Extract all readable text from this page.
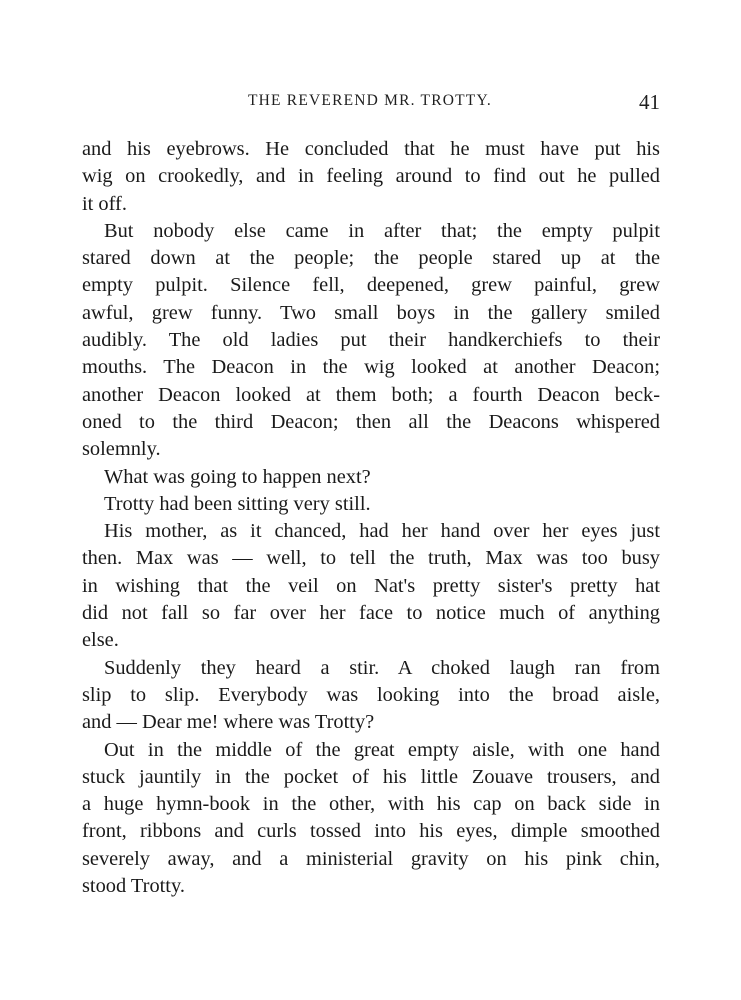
THE REVEREND MR. TROTTY.	41
and his eyebrows. He concluded that he must have put his
wig on crookedly, and in feeling around to find out he pulled
it off.
But nobody else came in after that; the empty pulpit
stared down at the people; the people stared up at the
empty pulpit. Silence fell, deepened, grew painful, grew
awful, grew funny. Two small boys in the gallery smiled
audibly. The old ladies put their handkerchiefs to their
mouths. The Deacon in the wig looked at another Deacon;
another Deacon looked at them both; a fourth Deacon beck-
oned to the third Deacon; then all the Deacons whispered
solemnly.
What was going to happen next?
Trotty had been sitting very still.
His mother, as it chanced, had her hand over her eyes just
then. Max was — well, to tell the truth, Max was too busy
in wishing that the veil on Nat's pretty sister's pretty hat
did not fall so far over her face to notice much of anything
else.
Suddenly they heard a stir. A choked laugh ran from
slip to slip. Everybody was looking into the broad aisle,
and — Dear me! where was Trotty?
Out in the middle of the great empty aisle, with one hand
stuck jauntily in the pocket of his little Zouave trousers, and
a huge hymn-book in the other, with his cap on back side in
front, ribbons and curls tossed into his eyes, dimple smoothed
severely away, and a ministerial gravity on his pink chin,
stood Trotty.
